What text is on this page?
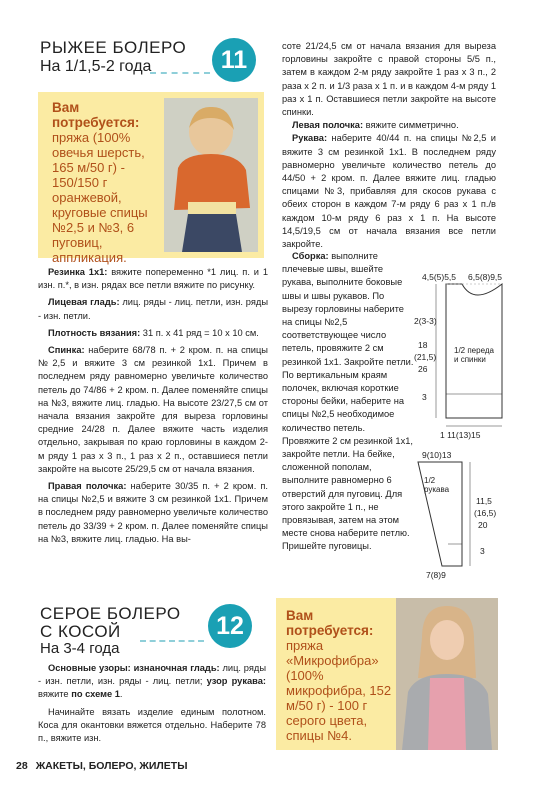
РЫЖЕЕ БОЛЕРО
На 1/1,5-2 года	11
Вам потребуется:
пряжа (100% овечья шерсть, 165 м/50 г) - 150/150 г оранжевой, круговые спицы №2,5 и №3, 6 пуговиц, аппликация.

Резинка 1х1: вяжите попеременно *1 лиц. п. и 1 изн. п.*, в изн. рядах все петли вяжите по рисунку.

Лицевая гладь: лиц. ряды - лиц. петли, изн. ряды - изн. петли.

Плотность вязания: 31 п. х 41 ряд = 10 х 10 см.

Спинка: наберите 68/78 п. + 2 кром. п. на спицы №2,5 и вяжите 3 см резинкой 1х1. Причем в последнем ряду равномерно увеличьте количество петель до 74/86 + 2 кром. п. Далее поменяйте спицы на №3, вяжите лиц. гладью. На высоте 23/27,5 см от начала вязания закройте для выреза горловины средние 24/28 п. Далее вяжите часть изделия отдельно, закрывая по краю горловины в каждом 2-м ряду 1 раз х 3 п., 1 раз х 2 п., оставшиеся петли закройте на высоте 25/29,5 см от начала вязания.

Правая полочка: наберите 30/35 п. + 2 кром. п. на спицы №2,5 и вяжите 3 см резинкой 1х1. Причем в последнем ряду равномерно увеличьте количество петель до 33/39 + 2 кром. п. Далее поменяйте спицы на №3, вяжите лиц. гладью. На вы-

соте 21/24,5 см от начала вязания для выреза горловины закройте с правой стороны 5/5 п., затем в каждом 2-м ряду закройте 1 раз х 3 п., 2 раза х 2 п. и 1/3 раза х 1 п. и в каждом 4-м ряду 1 раз х 1 п. Оставшиеся петли закройте на высоте спинки.

Левая полочка: вяжите симметрично.

Рукава: наберите 40/44 п. на спицы №2,5 и вяжите 3 см резинкой 1х1. В последнем ряду равномерно увеличьте количество петель до 44/50 + 2 кром. п. Далее вяжите лиц. гладью спицами №3, прибавляя для скосов рукава с обеих сторон в каждом 7-м ряду 6 раз х 1 п./в каждом 10-м ряду 6 раз х 1 п. На высоте 14,5/19,5 см от начала вязания все петли закройте.

Сборка: выполните плечевые швы, вшейте рукава, выполните боковые швы и швы рукавов. По вырезу горловины наберите на спицы №2,5 соответствующее число петель, провяжите 2 см резинкой 1х1. Закройте петли. По вертикальным краям полочек, включая короткие стороны бейки, наберите на спицы №2,5 необходимое количество петель. Провяжите 2 см резинкой 1х1, закройте петли. На бейке, сложенной пополам, выполните равномерно 6 отверстий для пуговиц. Для этого закройте 1 п., не провязывая, затем на этом месте снова наберите петлю. Пришейте пуговицы.

4,5(5)5,5 6,5(8)9,5
2(3-3)
18
(21,5)
26
3
1/2 переда и спинки
1 11(13)15
9(10)13
1/2 рукава
11,5
(16,5)
20
3
7(8)9
СЕРОЕ БОЛЕРО
С КОСОЙ
На 3-4 года
12

Основные узоры: изнаночная гладь: лиц. ряды - изн. петли, изн. ряды - лиц. петли; узор рукава: вяжите по схеме 1.

Начинайте вязать изделие единым полотном. Коса для окантовки вяжется отдельно. Наберите 78 п., вяжите изн.

Вам потребуется:
пряжа «Микрофибра» (100% микрофибра, 152 м/50 г) - 100 г серого цвета, спицы №4.
28 ЖАКЕТЫ, БОЛЕРО, ЖИЛЕТЫ
